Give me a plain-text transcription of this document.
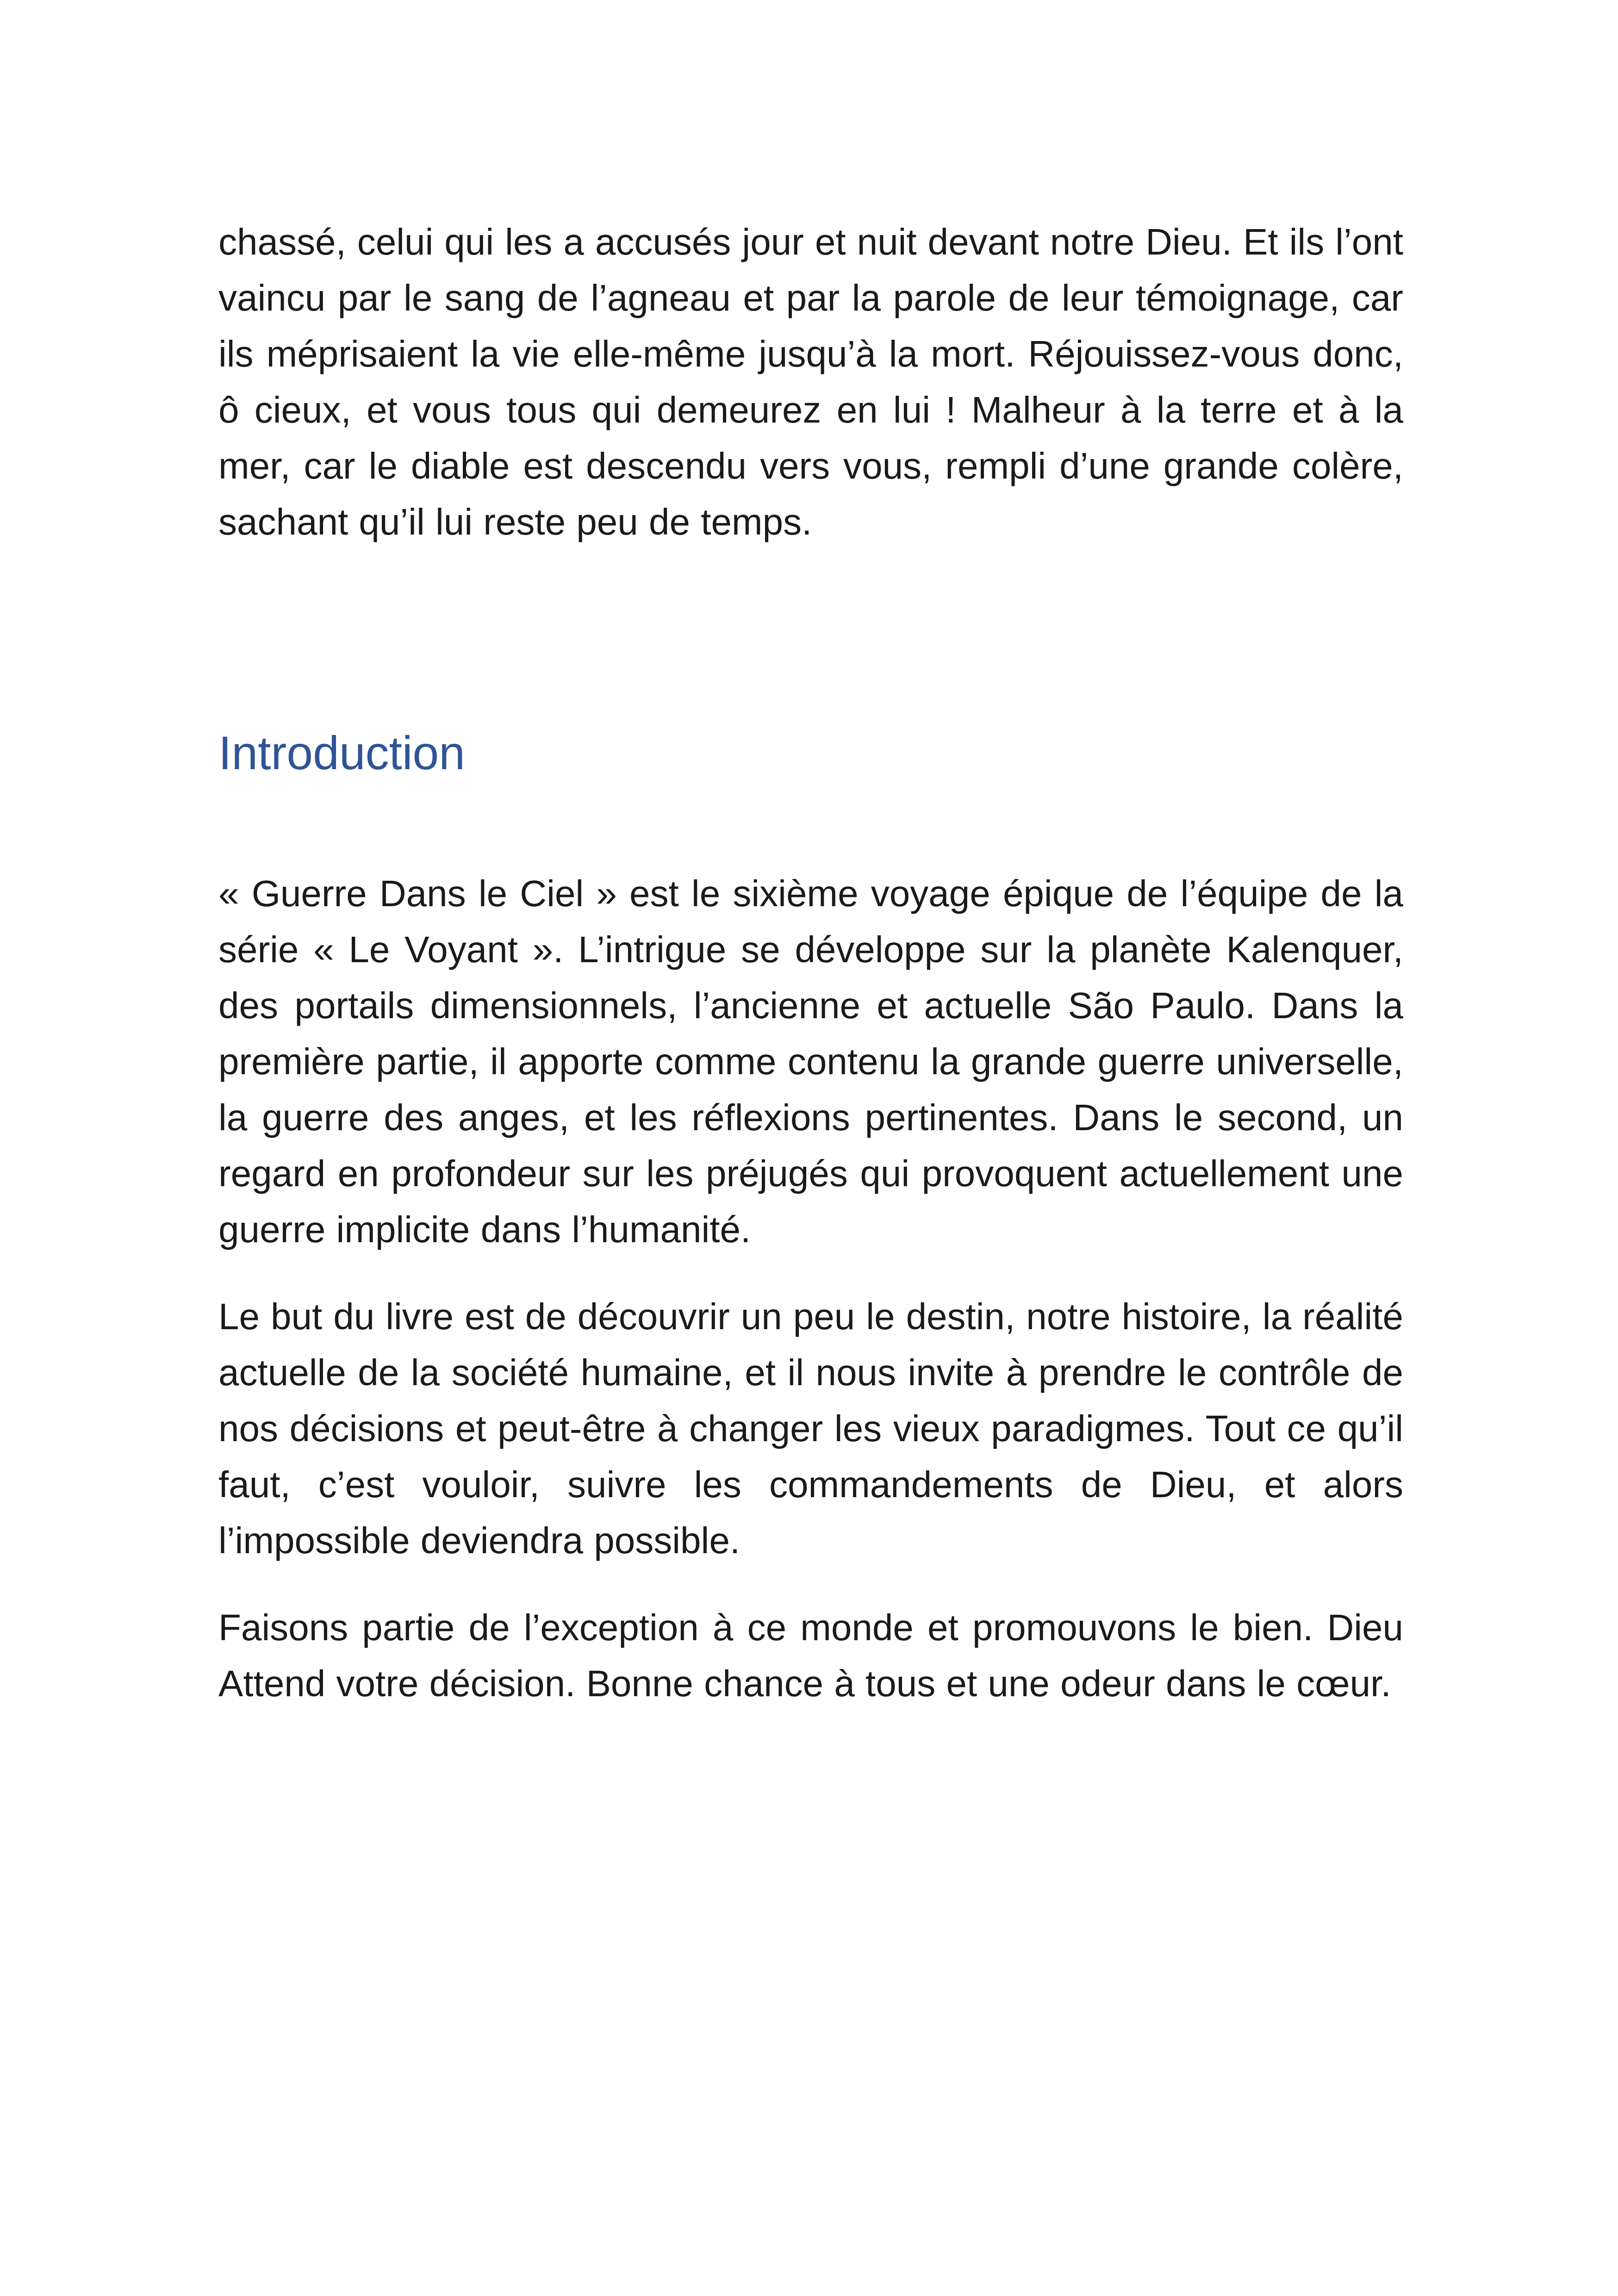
chassé, celui qui les a accusés jour et nuit devant notre Dieu. Et ils l’ont vaincu par le sang de l’agneau et par la parole de leur témoignage, car ils méprisaient la vie elle-même jusqu’à la mort. Réjouissez-vous donc, ô cieux, et vous tous qui demeurez en lui ! Malheur à la terre et à la mer, car le diable est descendu vers vous, rempli d’une grande colère, sachant qu’il lui reste peu de temps.

Introduction

« Guerre Dans le Ciel » est le sixième voyage épique de l’équipe de la série « Le Voyant ». L’intrigue se développe sur la planète Kalenquer, des portails dimensionnels, l’ancienne et actuelle São Paulo. Dans la première partie, il apporte comme contenu la grande guerre universelle, la guerre des anges, et les réflexions pertinentes. Dans le second, un regard en profondeur sur les préjugés qui provoquent actuellement une guerre implicite dans l’humanité.

Le but du livre est de découvrir un peu le destin, notre histoire, la réalité actuelle de la société humaine, et il nous invite à prendre le contrôle de nos décisions et peut-être à changer les vieux paradigmes. Tout ce qu’il faut, c’est vouloir, suivre les commandements de Dieu, et alors l’impossible deviendra possible.

Faisons partie de l’exception à ce monde et promouvons le bien. Dieu Attend votre décision. Bonne chance à tous et une odeur dans le cœur.
